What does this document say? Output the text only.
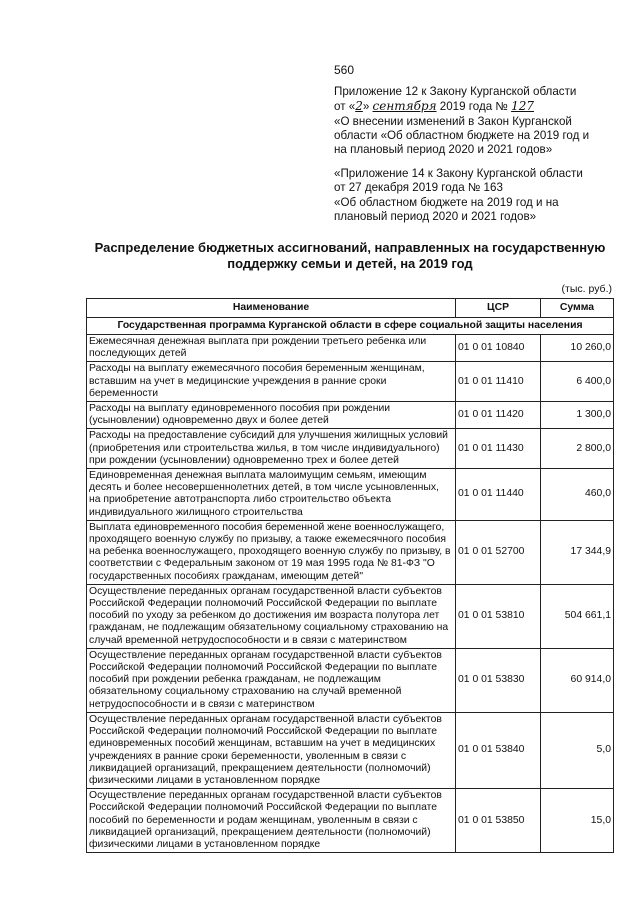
560
Приложение 12 к Закону Курганской области
от «2» сентября 2019 года № 127
«О внесении изменений в Закон Курганской
области «Об областном бюджете на 2019 год и
на плановый период 2020 и 2021 годов»
«Приложение 14 к Закону Курганской области
от 27 декабря 2019 года № 163
«Об областном бюджете на 2019 год и на
плановый период 2020 и 2021 годов»
Распределение бюджетных ассигнований, направленных на государственную поддержку семьи и детей, на 2019 год
(тыс. руб.)
Наименование	ЦСР	Сумма
Государственная программа Курганской области в сфере социальной защиты населения		
Ежемесячная денежная выплата при рождении третьего ребенка или последующих детей	01 0 01 10840	10 260,0
Расходы на выплату ежемесячного пособия беременным женщинам, вставшим на учет в медицинские учреждения в ранние сроки беременности	01 0 01 11410	6 400,0
Расходы на выплату единовременного пособия при рождении (усыновлении) одновременно двух и более детей	01 0 01 11420	1 300,0
Расходы на предоставление субсидий для улучшения жилищных условий (приобретения или строительства жилья, в том числе индивидуального) при рождении (усыновлении) одновременно трех и более детей	01 0 01 11430	2 800,0
Единовременная денежная выплата малоимущим семьям, имеющим десять и более несовершеннолетних детей, в том числе усыновленных, на приобретение автотранспорта либо строительство объекта индивидуального жилищного строительства	01 0 01 11440	460,0
Выплата единовременного пособия беременной жене военнослужащего, проходящего военную службу по призыву, а также ежемесячного пособия на ребенка военнослужащего, проходящего военную службу по призыву, в соответствии с Федеральным законом от 19 мая 1995 года № 81-ФЗ "О государственных пособиях гражданам, имеющим детей"	01 0 01 52700	17 344,9
Осуществление переданных органам государственной власти субъектов Российской Федерации полномочий Российской Федерации по выплате пособий по уходу за ребенком до достижения им возраста полутора лет гражданам, не подлежащим обязательному социальному страхованию на случай временной нетрудоспособности и в связи с материнством	01 0 01 53810	504 661,1
Осуществление переданных органам государственной власти субъектов Российской Федерации полномочий Российской Федерации по выплате пособий при рождении ребенка гражданам, не подлежащим обязательному социальному страхованию на случай временной нетрудоспособности и в связи с материнством	01 0 01 53830	60 914,0
Осуществление переданных органам государственной власти субъектов Российской Федерации полномочий Российской Федерации по выплате единовременных пособий женщинам, вставшим на учет в медицинских учреждениях в ранние сроки беременности, уволенным в связи с ликвидацией организаций, прекращением деятельности (полномочий) физическими лицами в установленном порядке	01 0 01 53840	5,0
Осуществление переданных органам государственной власти субъектов Российской Федерации полномочий Российской Федерации по выплате пособий по беременности и родам женщинам, уволенным в связи с ликвидацией организаций, прекращением деятельности (полномочий) физическими лицами в установленном порядке	01 0 01 53850	15,0
